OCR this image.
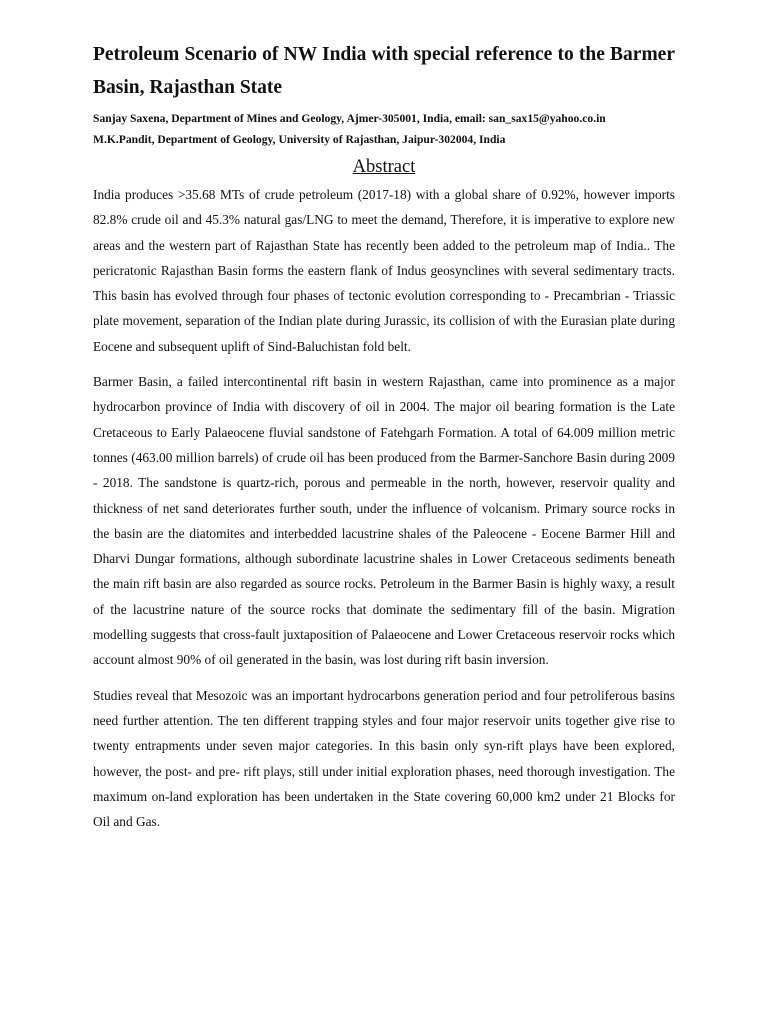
Petroleum Scenario of NW India with special reference to the Barmer Basin, Rajasthan State

Sanjay Saxena, Department of Mines and Geology, Ajmer-305001, India, email: san_sax15@yahoo.co.in

M.K.Pandit, Department of Geology, University of Rajasthan, Jaipur-302004, India

Abstract

India produces >35.68 MTs of crude petroleum (2017-18) with a global share of 0.92%, however imports 82.8% crude oil and 45.3% natural gas/LNG to meet the demand, Therefore, it is imperative to explore new areas and the western part of Rajasthan State has recently been added to the petroleum map of India.. The pericratonic Rajasthan Basin forms the eastern flank of Indus geosynclines with several sedimentary tracts. This basin has evolved through four phases of tectonic evolution corresponding to - Precambrian - Triassic plate movement, separation of the Indian plate during Jurassic, its collision of with the Eurasian plate during Eocene and subsequent uplift of Sind-Baluchistan fold belt.

Barmer Basin, a failed intercontinental rift basin in western Rajasthan, came into prominence as a major hydrocarbon province of India with discovery of oil in 2004. The major oil bearing formation is the Late Cretaceous to Early Palaeocene fluvial sandstone of Fatehgarh Formation. A total of 64.009 million metric tonnes (463.00 million barrels) of crude oil has been produced from the Barmer-Sanchore Basin during 2009 - 2018. The sandstone is quartz-rich, porous and permeable in the north, however, reservoir quality and thickness of net sand deteriorates further south, under the influence of volcanism. Primary source rocks in the basin are the diatomites and interbedded lacustrine shales of the Paleocene - Eocene Barmer Hill and Dharvi Dungar formations, although subordinate lacustrine shales in Lower Cretaceous sediments beneath the main rift basin are also regarded as source rocks. Petroleum in the Barmer Basin is highly waxy, a result of the lacustrine nature of the source rocks that dominate the sedimentary fill of the basin. Migration modelling suggests that cross-fault juxtaposition of Palaeocene and Lower Cretaceous reservoir rocks which account almost 90% of oil generated in the basin, was lost during rift basin inversion.

Studies reveal that Mesozoic was an important hydrocarbons generation period and four petroliferous basins need further attention. The ten different trapping styles and four major reservoir units together give rise to twenty entrapments under seven major categories. In this basin only syn-rift plays have been explored, however, the post- and pre- rift plays, still under initial exploration phases, need thorough investigation. The maximum on-land exploration has been undertaken in the State covering 60,000 km2 under 21 Blocks for Oil and Gas.
